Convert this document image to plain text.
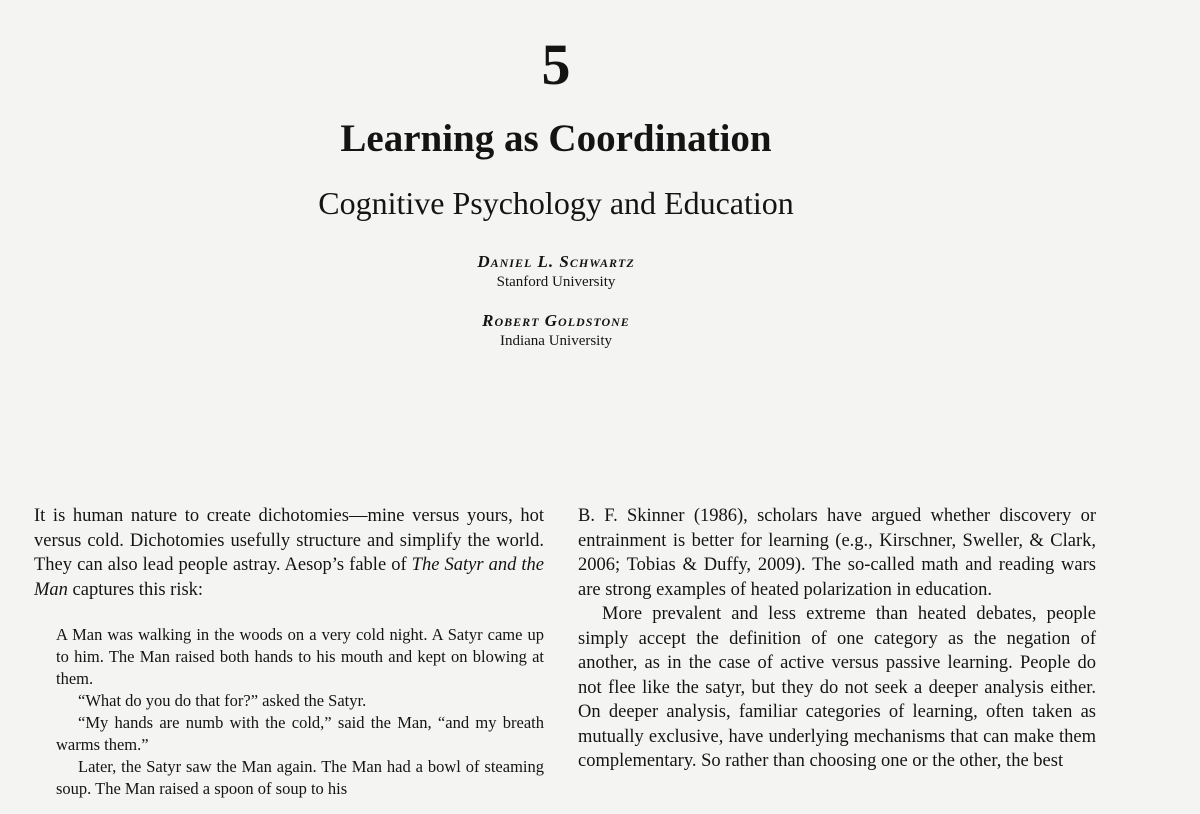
5
Learning as Coordination
Cognitive Psychology and Education
Daniel L. Schwartz
Stanford University
Robert Goldstone
Indiana University

It is human nature to create dichotomies—mine versus yours, hot versus cold. Dichotomies usefully structure and simplify the world. They can also lead people astray. Aesop’s fable of The Satyr and the Man captures this risk:

A Man was walking in the woods on a very cold night. A Satyr came up to him. The Man raised both hands to his mouth and kept on blowing at them.

“What do you do that for?” asked the Satyr.

“My hands are numb with the cold,” said the Man, “and my breath warms them.”

Later, the Satyr saw the Man again. The Man had a bowl of steaming soup. The Man raised a spoon of soup to his

B. F. Skinner (1986), scholars have argued whether discovery or entrainment is better for learning (e.g., Kirschner, Sweller, & Clark, 2006; Tobias & Duffy, 2009). The so-called math and reading wars are strong examples of heated polarization in education.

More prevalent and less extreme than heated debates, people simply accept the definition of one category as the negation of another, as in the case of active versus passive learning. People do not flee like the satyr, but they do not seek a deeper analysis either. On deeper analysis, familiar categories of learning, often taken as mutually exclusive, have underlying mechanisms that can make them complementary. So rather than choosing one or the other, the best
